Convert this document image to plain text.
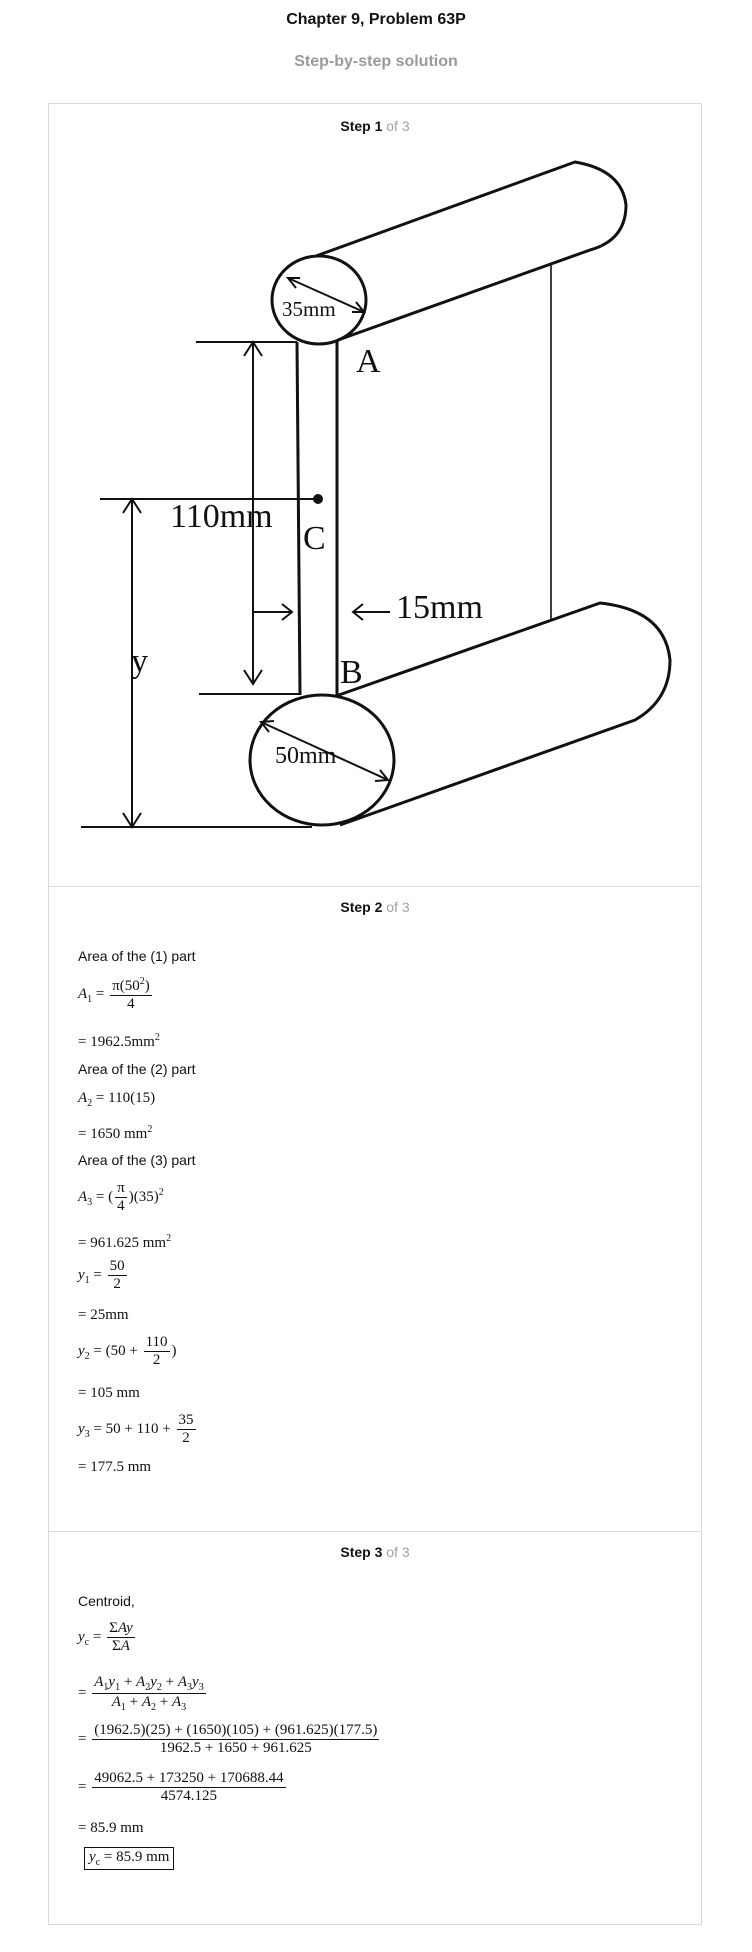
Chapter 9, Problem 63P
Step-by-step solution
Step 1 of 3
Step 2 of 3
Step 3 of 3
35mm
A
110mm
C
15mm
y	B
50mm
Area of the (1) part
$A_1 = \frac{\pi(50^2)}{4}$
= $1962.5mm^2$
Area of the (2) part
$A_2 = 110(15)$
= 1650 $mm^2$
Area of the (3) part
$A_3$ = ( $\frac{\pi}{4} )(35)^2$
= 961.625 $mm^2$
$y_1 = \frac{50}{2}$
= 25mm
$y_2 = (50 + \frac{110}{2}$ )
= 105 mm
$y_3 = 50 + 110 + \frac{35}{2}$
= 177.5 mm
Centroid,
$y_c = \frac{\text{ΣAy}}{\Sigma A}$
= $\frac{A_1y_1 + A_2y_2 + A_3y_3}{A_1 + A_2 + A_3}$
= $\frac{(1962.5)(25) + (1650)(105) + (961.625)(177.5)}{1962.5 + 1650 + 961.625}$
= $\frac{49062.5 + 173250 + 170688.44}{4574.125}$
= 85.9 mm
$y_c = 85.9$ mm
